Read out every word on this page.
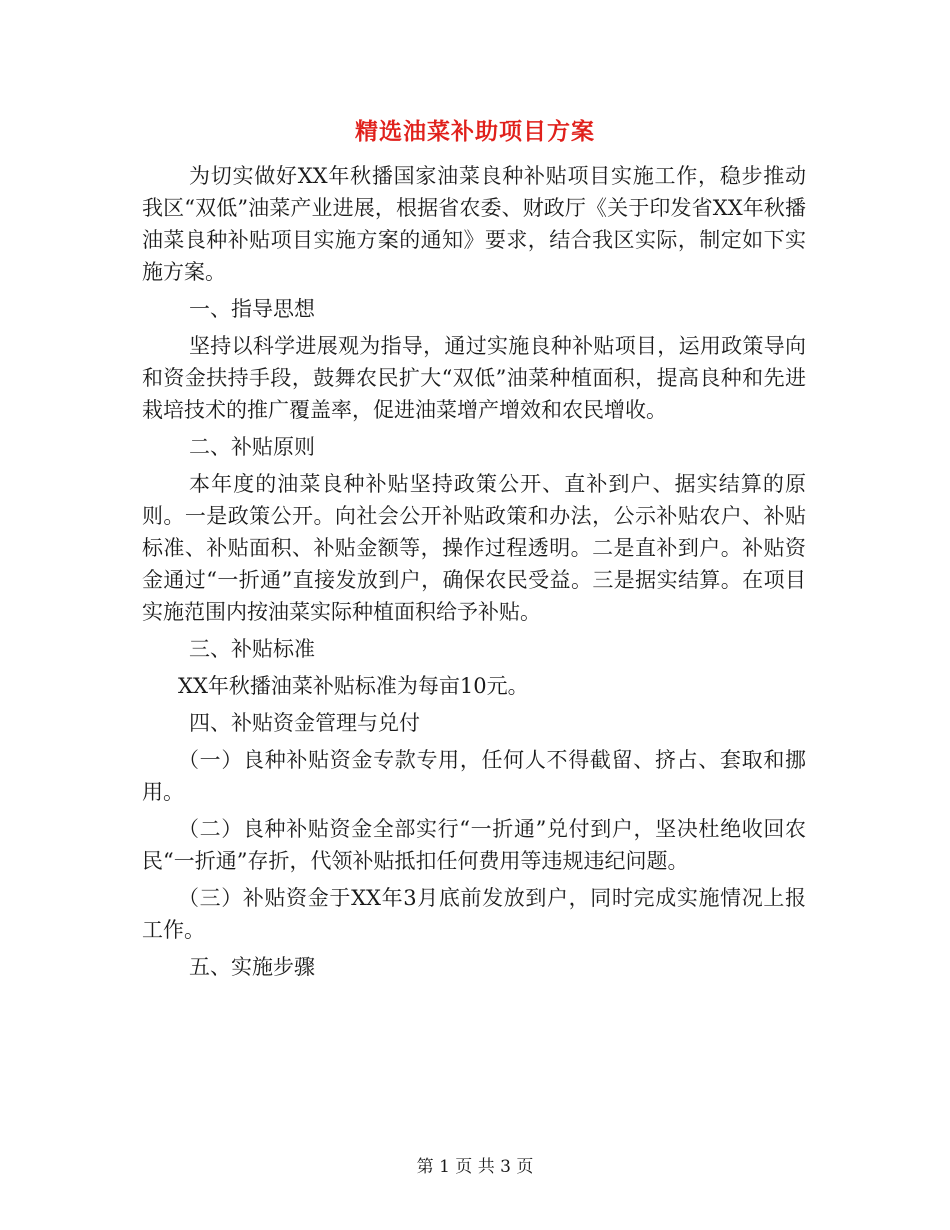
精选油菜补助项目方案

为切实做好XX年秋播国家油菜良种补贴项目实施工作，稳步推动我区“双低”油菜产业进展，根据省农委、财政厅《关于印发省XX年秋播油菜良种补贴项目实施方案的通知》要求，结合我区实际，制定如下实施方案。

一、指导思想

坚持以科学进展观为指导，通过实施良种补贴项目，运用政策导向和资金扶持手段，鼓舞农民扩大“双低”油菜种植面积，提高良种和先进栽培技术的推广覆盖率，促进油菜增产增效和农民增收。

二、补贴原则

本年度的油菜良种补贴坚持政策公开、直补到户、据实结算的原则。一是政策公开。向社会公开补贴政策和办法，公示补贴农户、补贴标准、补贴面积、补贴金额等，操作过程透明。二是直补到户。补贴资金通过“一折通”直接发放到户，确保农民受益。三是据实结算。在项目实施范围内按油菜实际种植面积给予补贴。

三、补贴标准

XX年秋播油菜补贴标准为每亩10元。

四、补贴资金管理与兑付

（一）良种补贴资金专款专用，任何人不得截留、挤占、套取和挪用。

（二）良种补贴资金全部实行“一折通”兑付到户，坚决杜绝收回农民“一折通”存折，代领补贴抵扣任何费用等违规违纪问题。

（三）补贴资金于XX年3月底前发放到户，同时完成实施情况上报工作。

五、实施步骤

第 1 页 共 3 页
